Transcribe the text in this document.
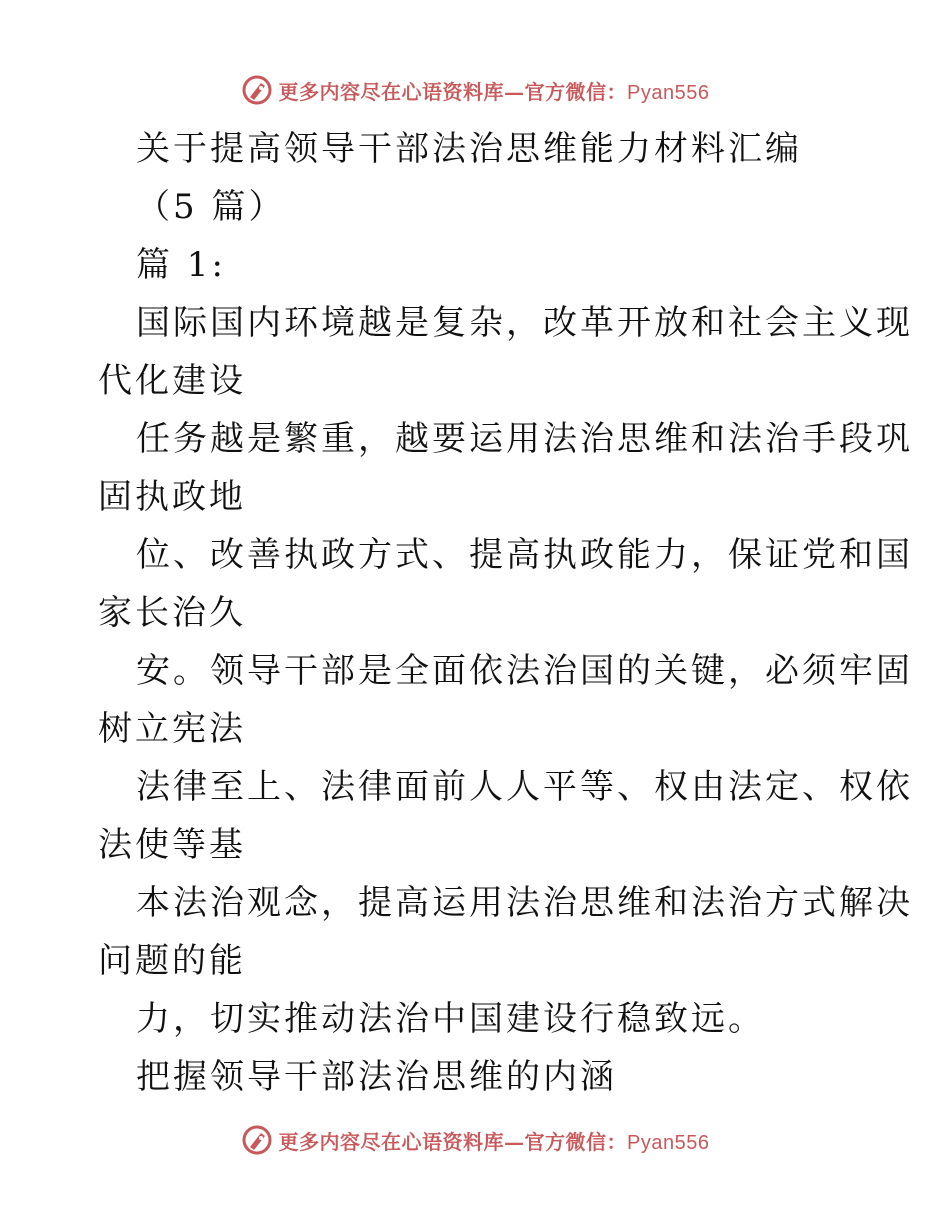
更多内容尽在心语资料库—官方微信：Pyan556
关于提高领导干部法治思维能力材料汇编
（5 篇）
篇 1:
国际国内环境越是复杂，改革开放和社会主义现
代化建设
任务越是繁重，越要运用法治思维和法治手段巩
固执政地
位、改善执政方式、提高执政能力，保证党和国
家长治久
安。领导干部是全面依法治国的关键，必须牢固
树立宪法
法律至上、法律面前人人平等、权由法定、权依
法使等基
本法治观念，提高运用法治思维和法治方式解决
问题的能
力，切实推动法治中国建设行稳致远。
把握领导干部法治思维的内涵
更多内容尽在心语资料库—官方微信：Pyan556
